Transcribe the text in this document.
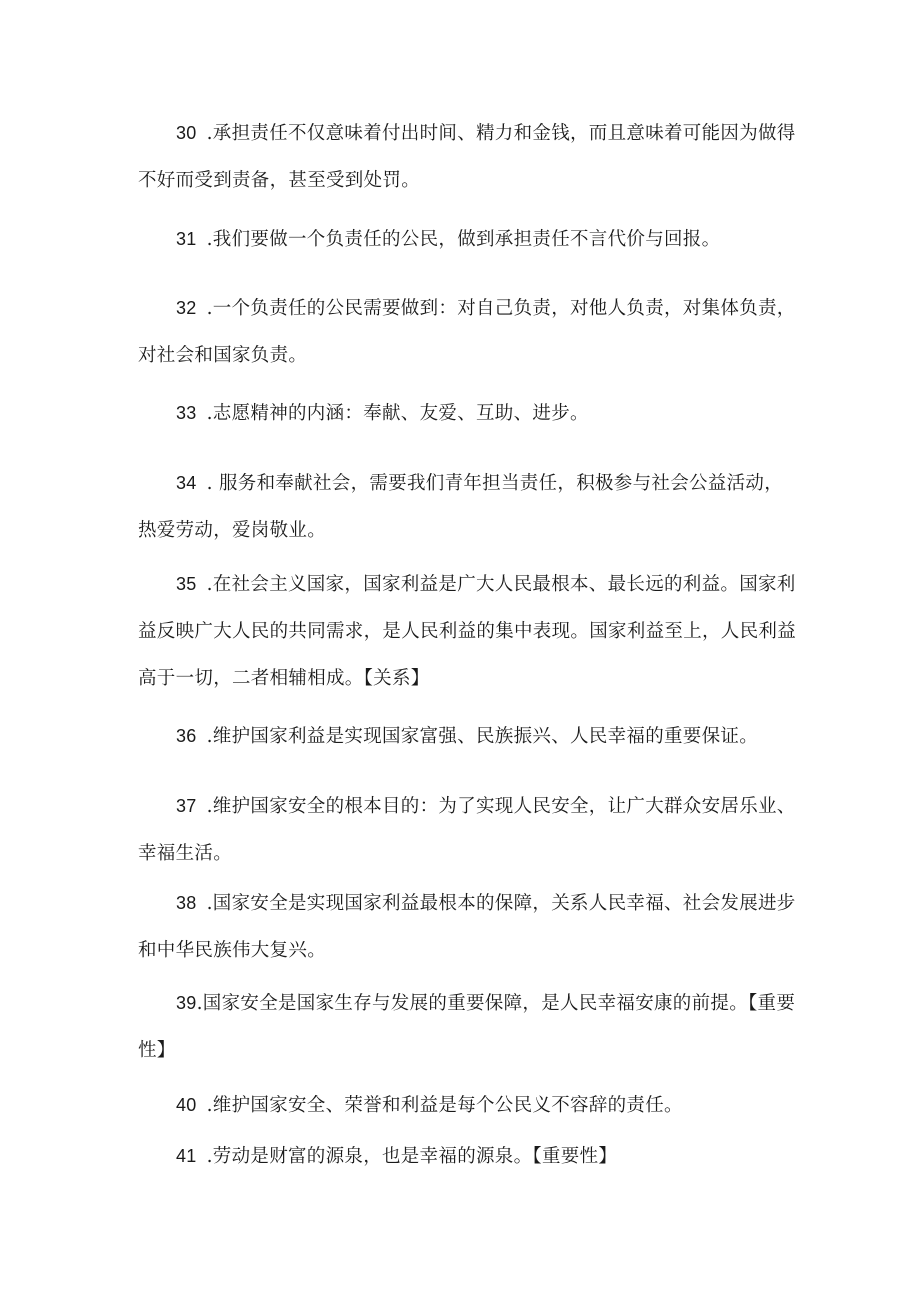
30 .承担责任不仅意味着付出时间、精力和金钱，而且意味着可能因为做得不好而受到责备，甚至受到处罚。

31 .我们要做一个负责任的公民，做到承担责任不言代价与回报。

32 .一个负责任的公民需要做到：对自己负责，对他人负责，对集体负责，对社会和国家负责。

33 .志愿精神的内涵：奉献、友爱、互助、进步。

34 . 服务和奉献社会，需要我们青年担当责任，积极参与社会公益活动，热爱劳动，爱岗敬业。

35 .在社会主义国家，国家利益是广大人民最根本、最长远的利益。国家利益反映广大人民的共同需求，是人民利益的集中表现。国家利益至上，人民利益高于一切，二者相辅相成。【关系】

36 .维护国家利益是实现国家富强、民族振兴、人民幸福的重要保证。

37 .维护国家安全的根本目的：为了实现人民安全，让广大群众安居乐业、幸福生活。

38 .国家安全是实现国家利益最根本的保障，关系人民幸福、社会发展进步和中华民族伟大复兴。

39.国家安全是国家生存与发展的重要保障，是人民幸福安康的前提。【重要性】

40 .维护国家安全、荣誉和利益是每个公民义不容辞的责任。

41 .劳动是财富的源泉，也是幸福的源泉。【重要性】
